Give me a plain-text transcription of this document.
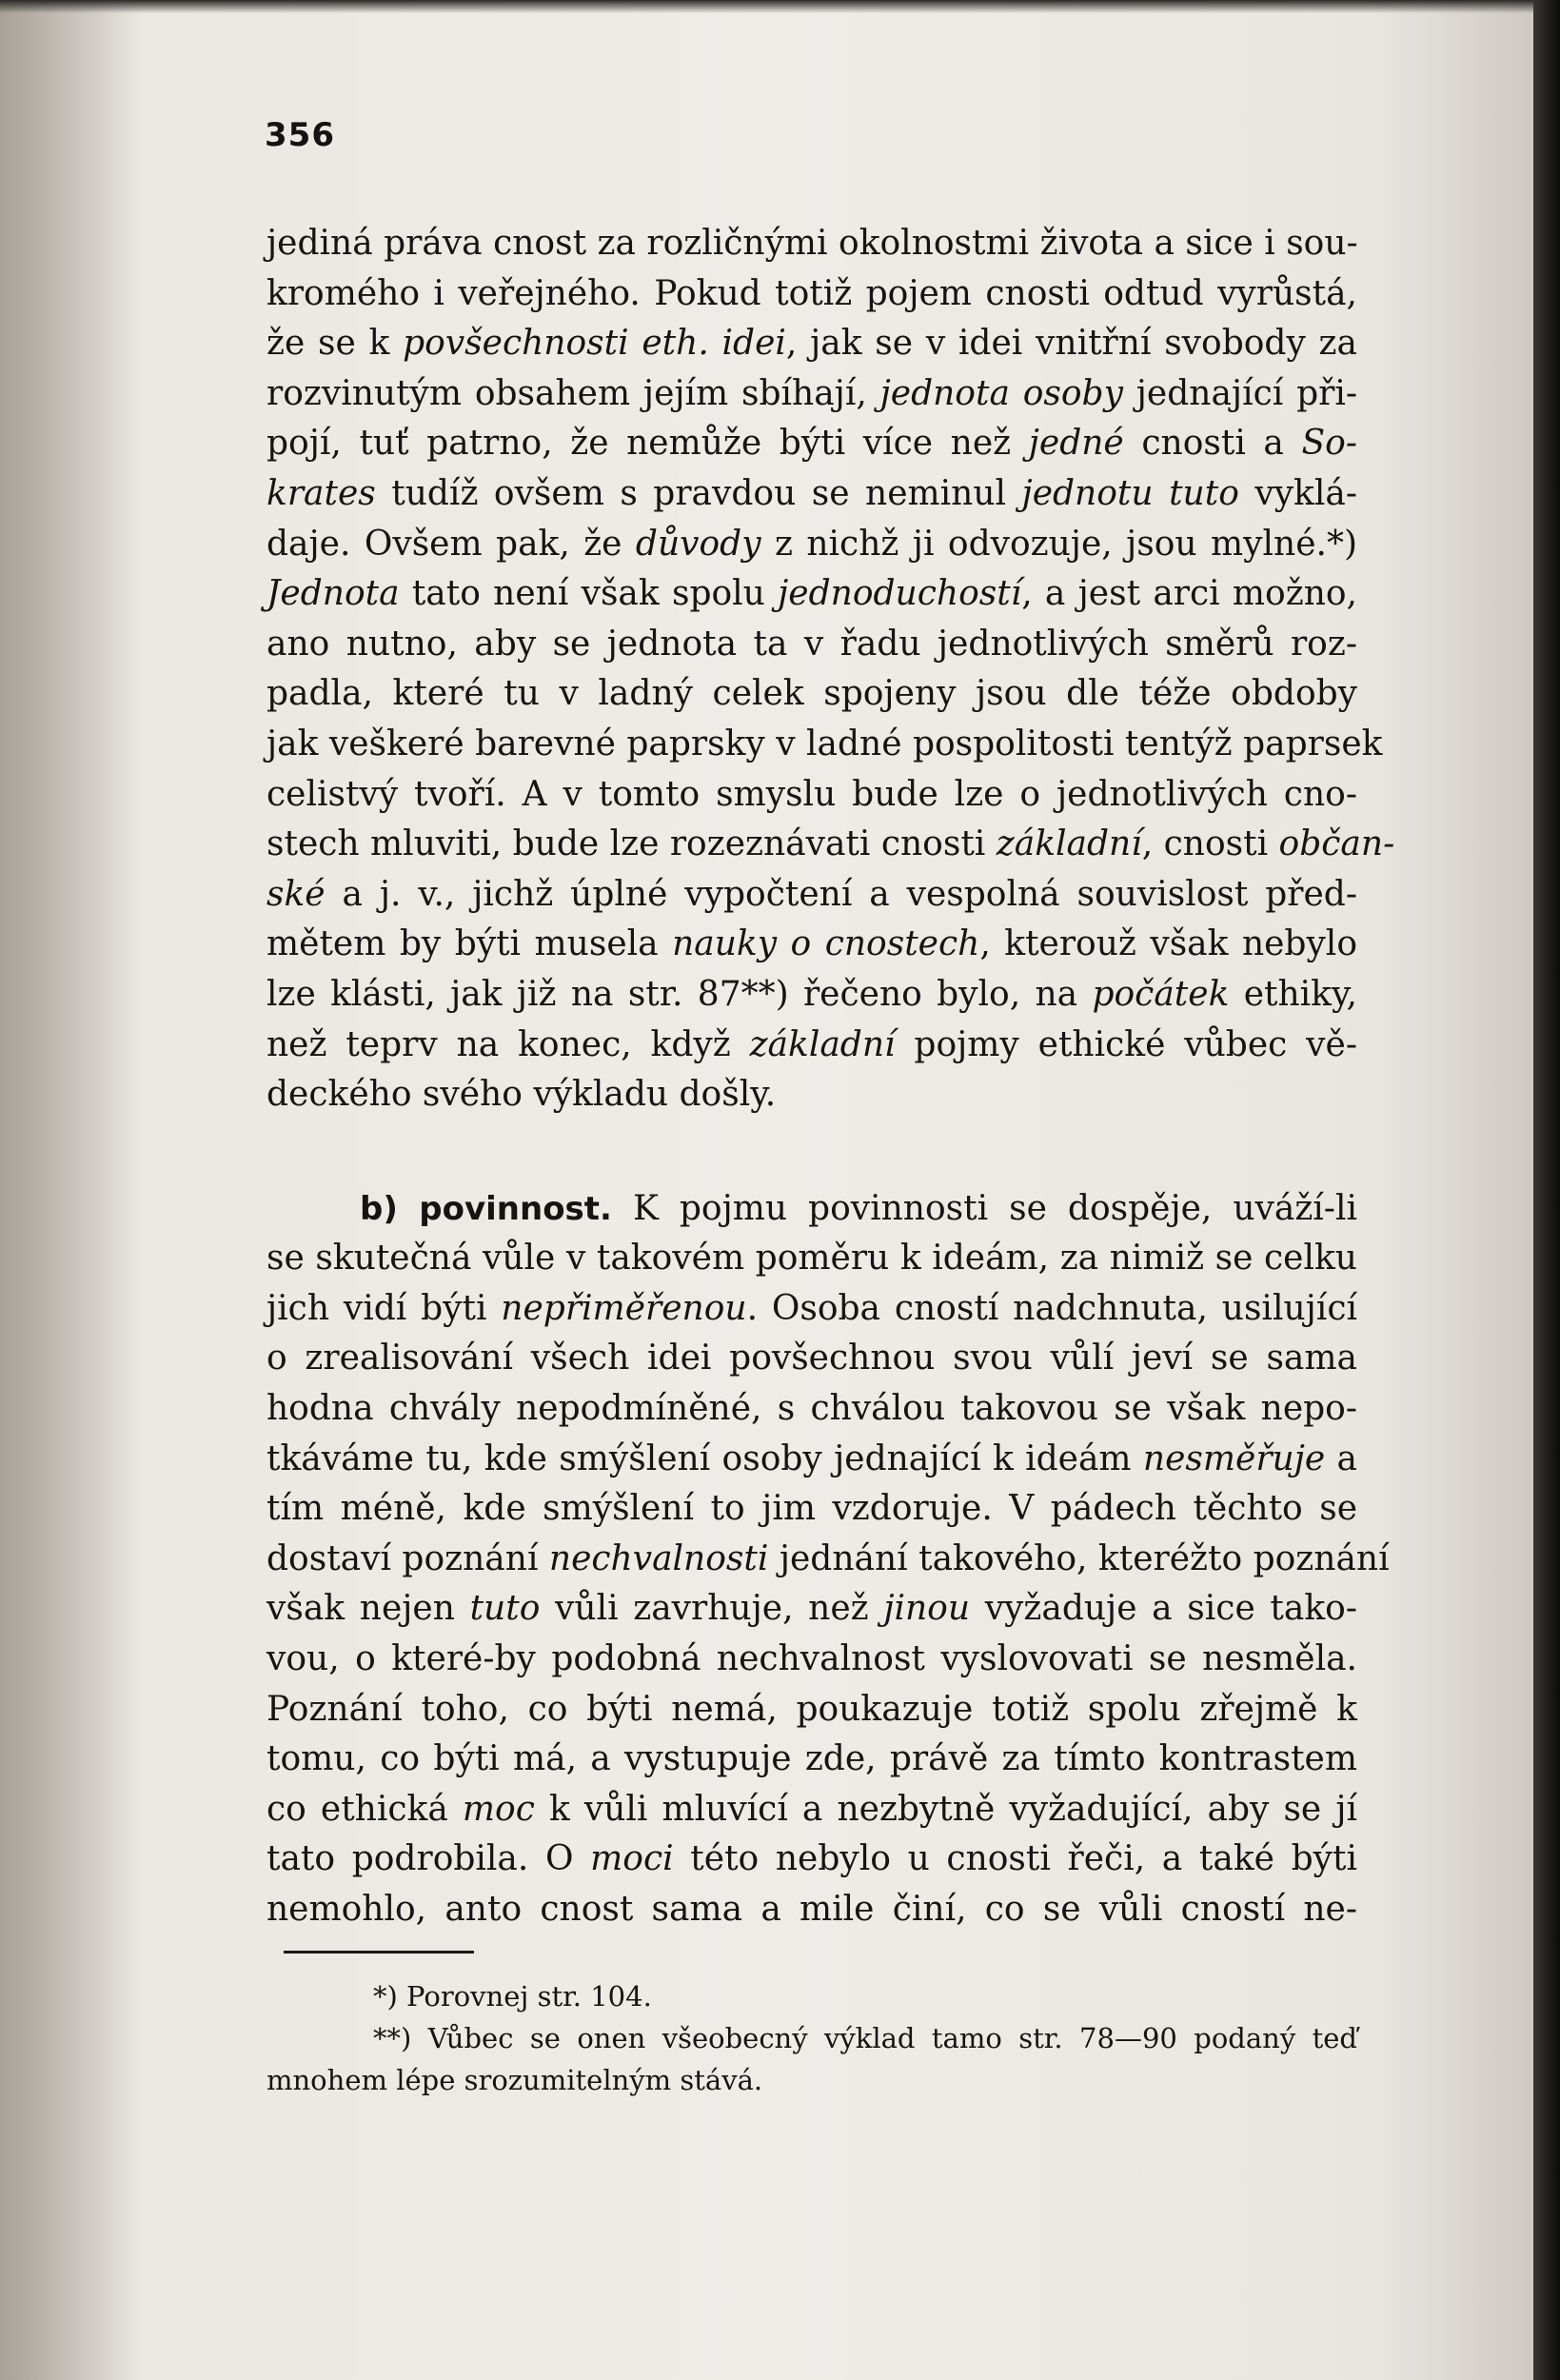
356
jediná práva cnost za rozličnými okolnostmi života a sice i sou-
kromého i veřejného. Pokud totiž pojem cnosti odtud vyrůstá,
že se k povšechnosti eth. idei, jak se v idei vnitřní svobody za
rozvinutým obsahem jejím sbíhají, jednota osoby jednající při-
pojí, tuť patrno, že nemůže býti více než jedné cnosti a So-
krates tudíž ovšem s pravdou se neminul jednotu tuto vyklá-
daje. Ovšem pak, že důvody z nichž ji odvozuje, jsou mylné.*)
Jednota tato není však spolu jednoduchostí, a jest arci možno,
ano nutno, aby se jednota ta v řadu jednotlivých směrů roz-
padla, které tu v ladný celek spojeny jsou dle téže obdoby
jak veškeré barevné paprsky v ladné pospolitosti tentýž paprsek
celistvý tvoří. A v tomto smyslu bude lze o jednotlivých cno-
stech mluviti, bude lze rozeznávati cnosti základní, cnosti občan-
ské a j. v., jichž úplné vypočtení a vespolná souvislost před-
mětem by býti musela nauky o cnostech, kterouž však nebylo
lze klásti, jak již na str. 87**) řečeno bylo, na počátek ethiky,
než teprv na konec, když základní pojmy ethické vůbec vě-
deckého svého výkladu došly.
b) povinnost. K pojmu povinnosti se dospěje, uváží-li
se skutečná vůle v takovém poměru k ideám, za nimiž se celku
jich vidí býti nepřiměřenou. Osoba cností nadchnuta, usilující
o zrealisování všech idei povšechnou svou vůlí jeví se sama
hodna chvály nepodmíněné, s chválou takovou se však nepo-
tkáváme tu, kde smýšlení osoby jednající k ideám nesměřuje a
tím méně, kde smýšlení to jim vzdoruje. V pádech těchto se
dostaví poznání nechvalnosti jednání takového, kteréžto poznání
však nejen tuto vůli zavrhuje, než jinou vyžaduje a sice tako-
vou, o které-by podobná nechvalnost vyslovovati se nesměla.
Poznání toho, co býti nemá, poukazuje totiž spolu zřejmě k
tomu, co býti má, a vystupuje zde, právě za tímto kontrastem
co ethická moc k vůli mluvící a nezbytně vyžadující, aby se jí
tato podrobila. O moci této nebylo u cnosti řeči, a také býti
nemohlo, anto cnost sama a mile činí, co se vůli cností ne-
*) Porovnej str. 104.
**) Vůbec se onen všeobecný výklad tamo str. 78—90 podaný teď
mnohem lépe srozumitelným stává.
